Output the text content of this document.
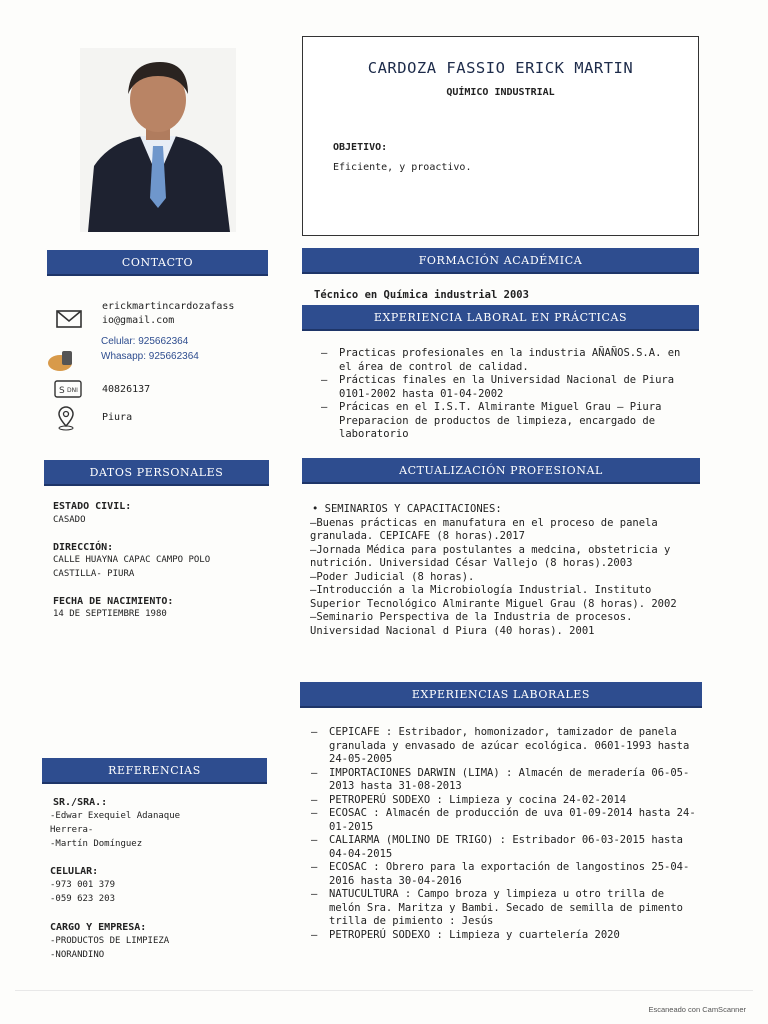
CARDOZA FASSIO ERICK MARTIN
QUÍMICO INDUSTRIAL
OBJETIVO:
Eficiente, y proactivo.
CONTACTO
erickmartincardozafass
io@gmail.com
Celular: 925662364
Whasapp: 925662364
S DNI 40826137
Piura
DATOS PERSONALES
ESTADO CIVIL:
CASADO
DIRECCIÓN:
CALLE HUAYNA CAPAC CAMPO POLO
CASTILLA- PIURA
FECHA DE NACIMIENTO:
14 DE SEPTIEMBRE 1980
REFERENCIAS
SR./SRA.:
-Edwar Exequiel Adanaque
Herrera-
-Martín Domínguez
CELULAR:
-973 001 379
-059 623 203
CARGO Y EMPRESA:
-PRODUCTOS DE LIMPIEZA
-NORANDINO
FORMACIÓN ACADÉMICA
Técnico en Química industrial 2003
EXPERIENCIA LABORAL EN PRÁCTICAS
– Practicas profesionales en la industria AÑAÑOS.S.A. en el área de control de calidad.
– Prácticas finales en la Universidad Nacional de Piura 0101-2002 hasta 01-04-2002
– Prácicas en el I.S.T. Almirante Miguel Grau – Piura Preparacion de productos de limpieza, encargado de laboratorio
ACTUALIZACIÓN PROFESIONAL
• SEMINARIOS Y CAPACITACIONES:
–Buenas prácticas en manufatura en el proceso de panela granulada. CEPICAFE (8 horas).2017
–Jornada Médica para postulantes a medcina, obstetricia y nutrición. Universidad César Vallejo (8 horas).2003
–Poder Judicial (8 horas).
–Introducción a la Microbiología Industrial. Instituto Superior Tecnológico Almirante Miguel Grau (8 horas). 2002
–Seminario Perspectiva de la Industria de procesos. Universidad Nacional d Piura (40 horas). 2001
EXPERIENCIAS LABORALES
– CEPICAFE : Estribador, homonizador, tamizador de panela granulada y envasado de azúcar ecológica. 0601-1993 hasta 24-05-2005
– IMPORTACIONES DARWIN (LIMA) : Almacén de meradería 06-05-2013 hasta 31-08-2013
– PETROPERÚ SODEXO : Limpieza y cocina 24-02-2014
– ECOSAC : Almacén de producción de uva 01-09-2014 hasta 24-01-2015
– CALIARMA (MOLINO DE TRIGO) : Estribador 06-03-2015 hasta 04-04-2015
– ECOSAC : Obrero para la exportación de langostinos 25-04-2016 hasta 30-04-2016
– NATUCULTURA : Campo broza y limpieza u otro trilla de melón Sra. Maritza y Bambi. Secado de semilla de pimento trilla de pimiento : Jesús
– PETROPERÚ SODEXO : Limpieza y cuartelería 2020
Escaneado con CamScanner
